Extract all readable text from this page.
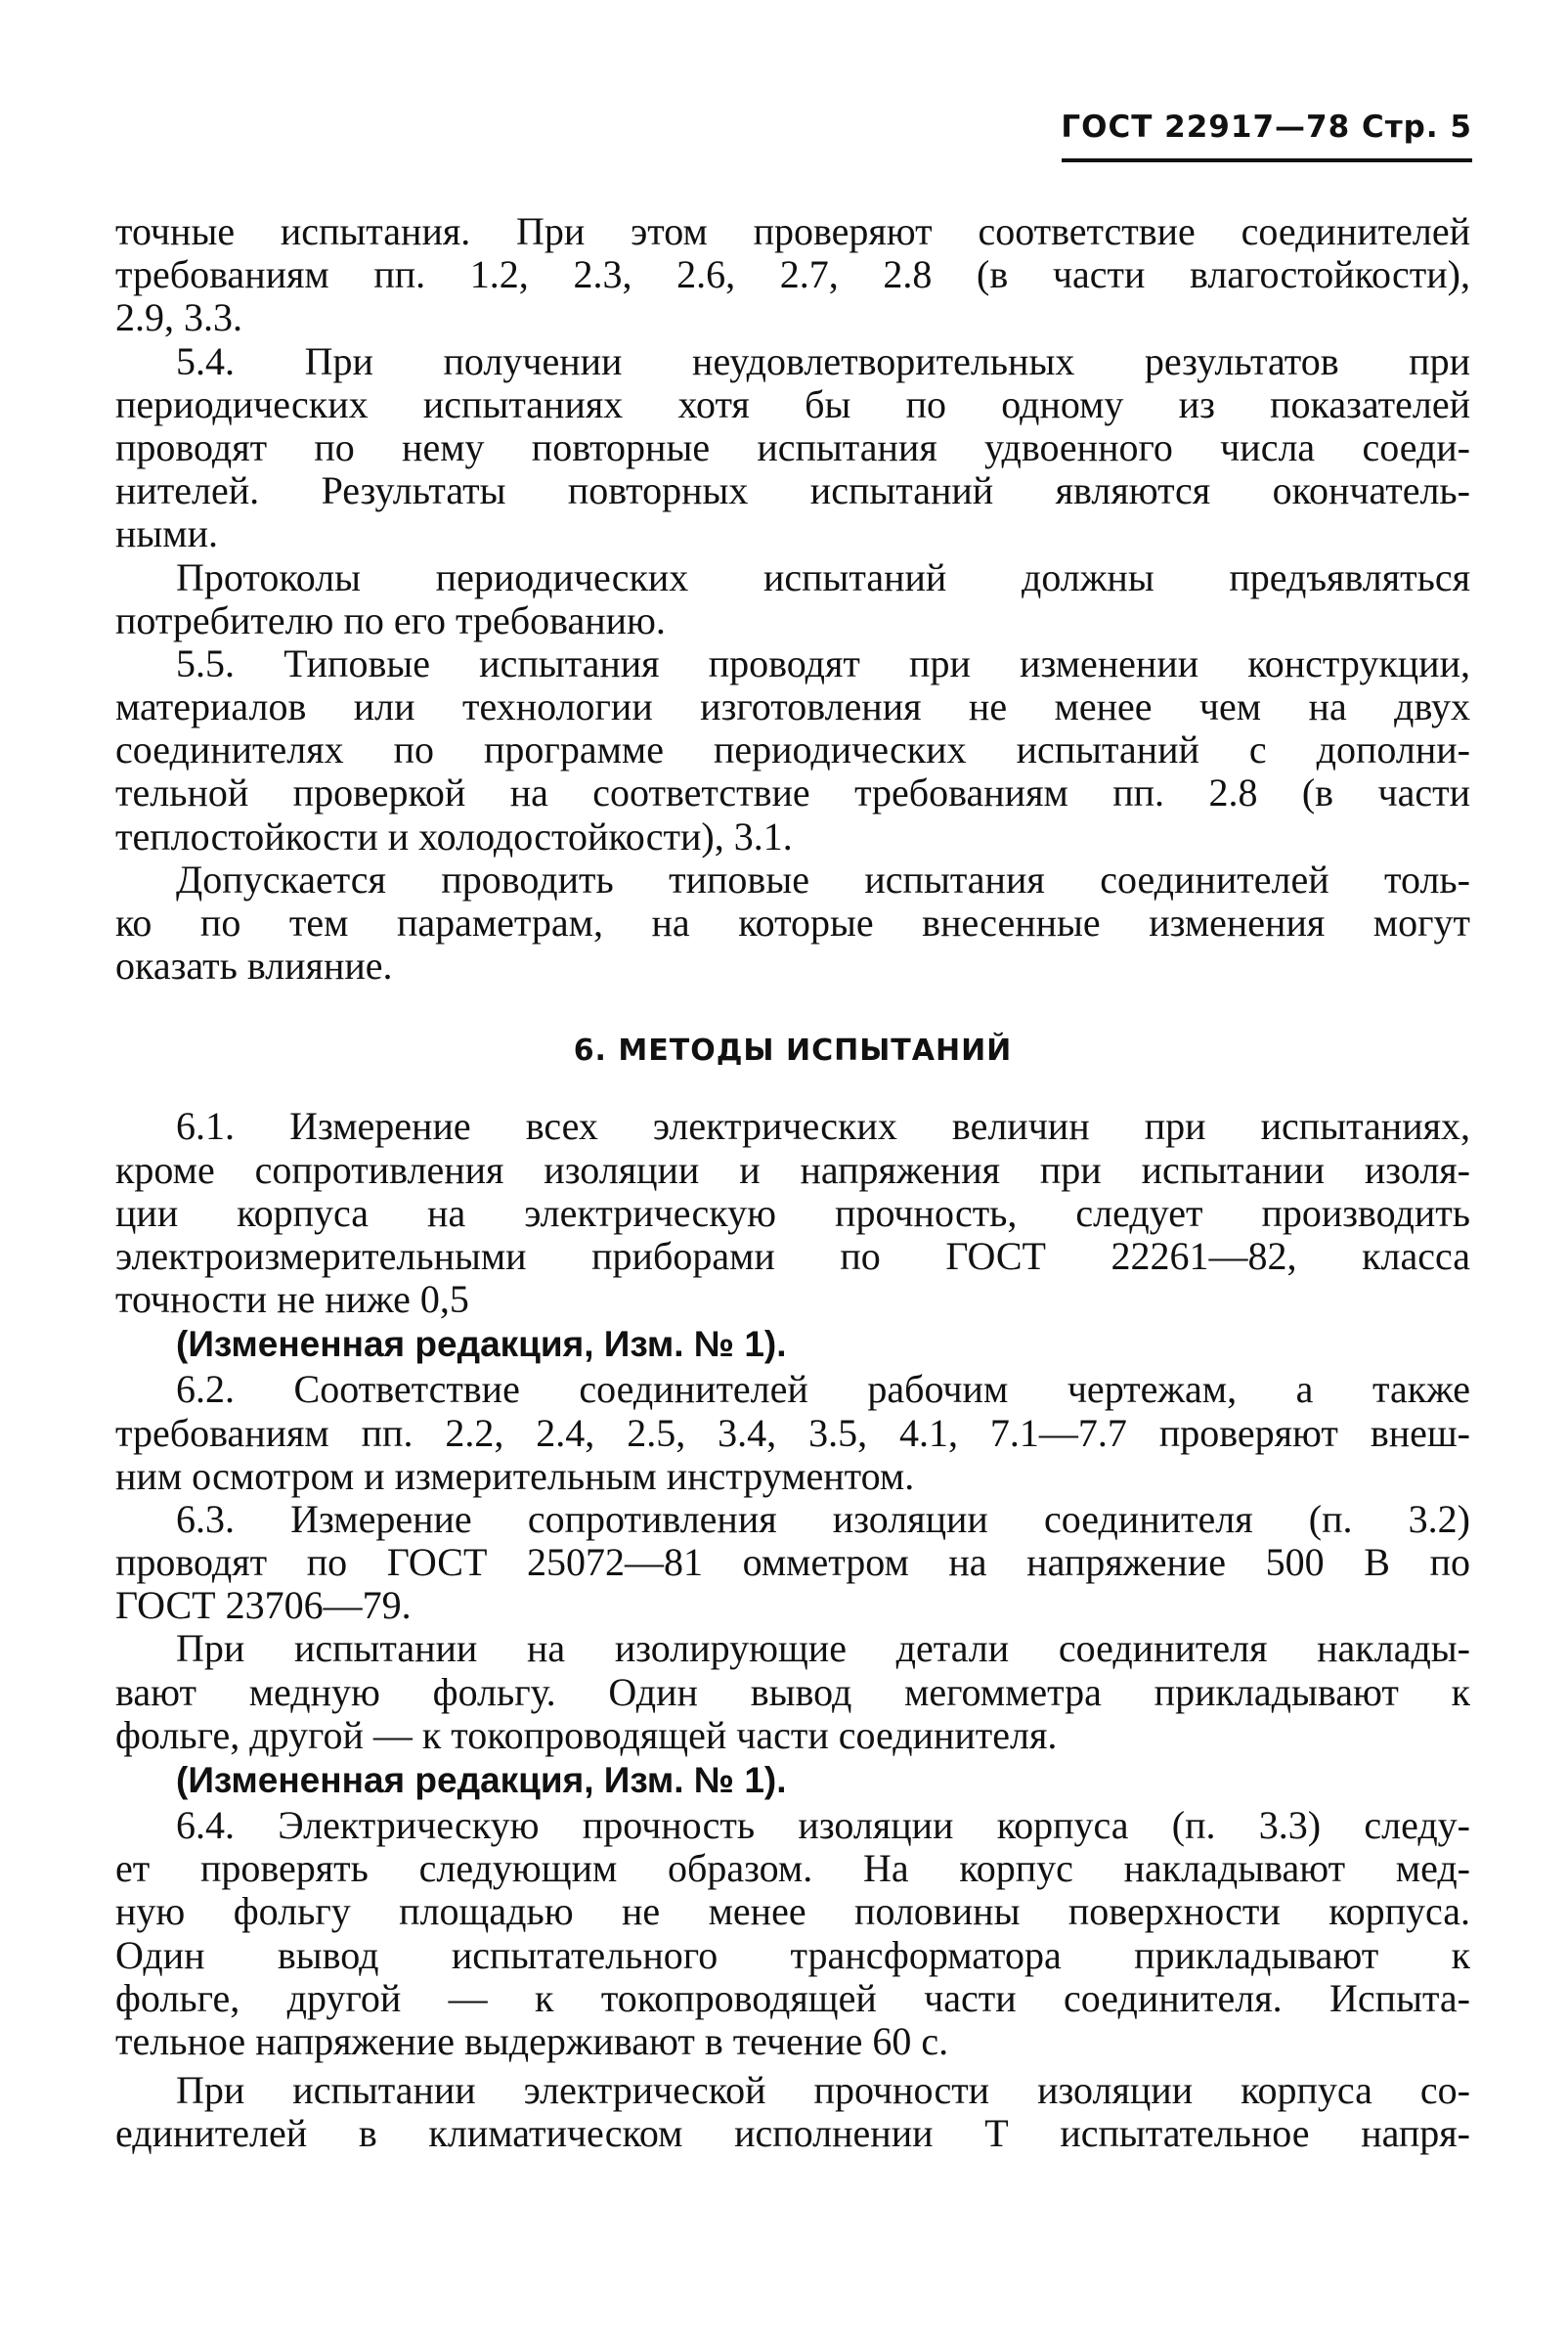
ГОСТ 22917—78 Стр. 5
точные испытания. При этом проверяют соответствие соединителей
требованиям пп. 1.2, 2.3, 2.6, 2.7, 2.8 (в части влагостойкости),
2.9, 3.3.
5.4. При получении неудовлетворительных результатов при
периодических испытаниях хотя бы по одному из показателей
проводят по нему повторные испытания удвоенного числа соеди-
нителей. Результаты повторных испытаний являются окончатель-
ными.
Протоколы периодических испытаний должны предъявляться
потребителю по его требованию.
5.5. Типовые испытания проводят при изменении конструкции,
материалов или технологии изготовления не менее чем на двух
соединителях по программе периодических испытаний с дополни-
тельной проверкой на соответствие требованиям пп. 2.8 (в части
теплостойкости и холодостойкости), 3.1.
Допускается проводить типовые испытания соединителей толь-
ко по тем параметрам, на которые внесенные изменения могут
оказать влияние.
6. МЕТОДЫ ИСПЫТАНИЙ
6.1. Измерение всех электрических величин при испытаниях,
кроме сопротивления изоляции и напряжения при испытании изоля-
ции корпуса на электрическую прочность, следует производить
электроизмерительными приборами по ГОСТ 22261—82, класса
точности не ниже 0,5
(Измененная редакция, Изм. № 1).
6.2. Соответствие соединителей рабочим чертежам, а также
требованиям пп. 2.2, 2.4, 2.5, 3.4, 3.5, 4.1, 7.1—7.7 проверяют внеш-
ним осмотром и измерительным инструментом.
6.3. Измерение сопротивления изоляции соединителя (п. 3.2)
проводят по ГОСТ 25072—81 омметром на напряжение 500 В по
ГОСТ 23706—79.
При испытании на изолирующие детали соединителя наклады-
вают медную фольгу. Один вывод мегомметра прикладывают к
фольге, другой — к токопроводящей части соединителя.
(Измененная редакция, Изм. № 1).
6.4. Электрическую прочность изоляции корпуса (п. 3.3) следу-
ет проверять следующим образом. На корпус накладывают мед-
ную фольгу площадью не менее половины поверхности корпуса.
Один вывод испытательного трансформатора прикладывают к
фольге, другой — к токопроводящей части соединителя. Испыта-
тельное напряжение выдерживают в течение 60 с.
При испытании электрической прочности изоляции корпуса со-
единителей в климатическом исполнении Т испытательное напря-
